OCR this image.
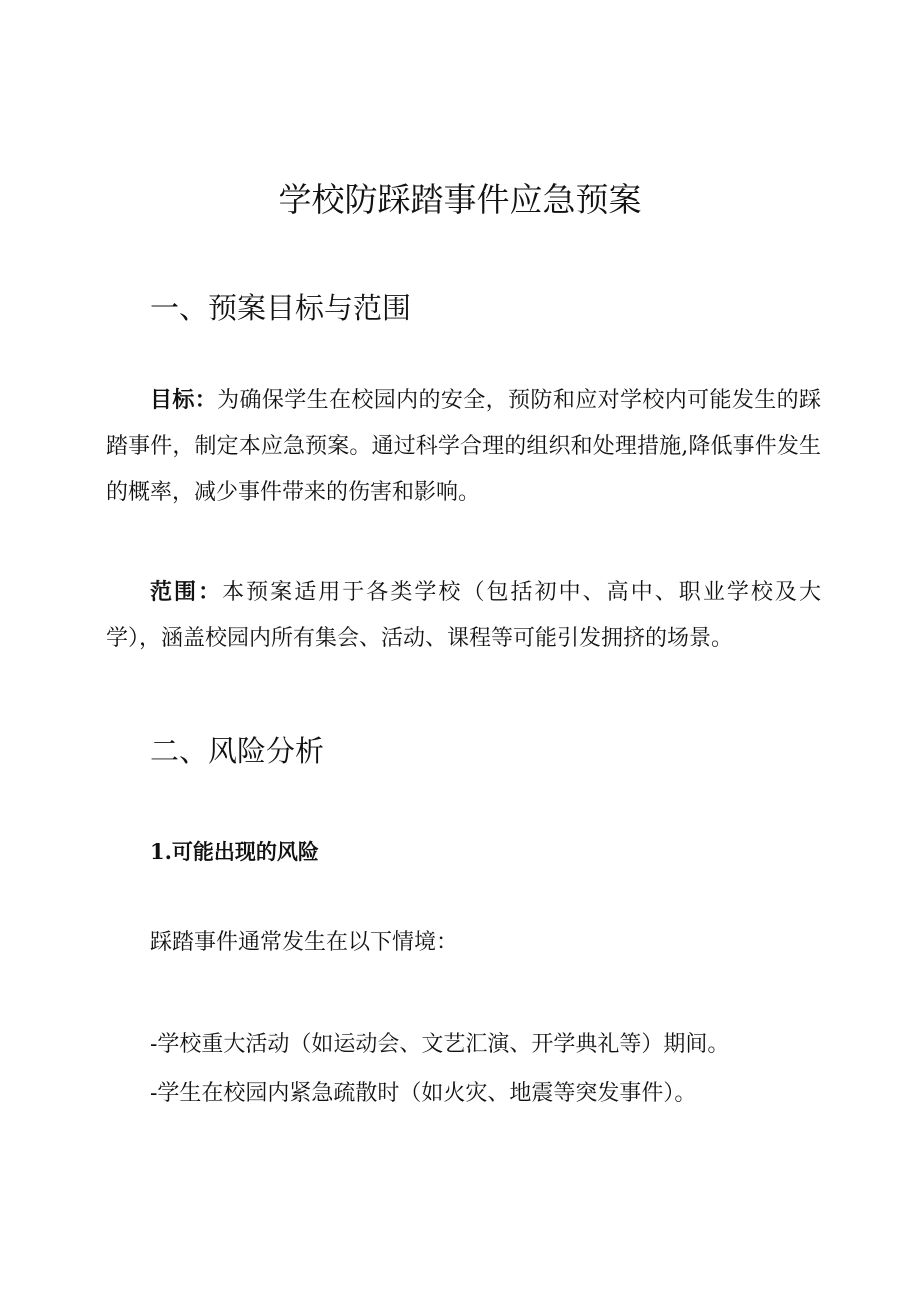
学校防踩踏事件应急预案
一、预案目标与范围

目标：为确保学生在校园内的安全，预防和应对学校内可能发生的踩踏事件，制定本应急预案。通过科学合理的组织和处理措施,降低事件发生的概率，减少事件带来的伤害和影响。

范围：本预案适用于各类学校（包括初中、高中、职业学校及大学），涵盖校园内所有集会、活动、课程等可能引发拥挤的场景。

二、风险分析
1.可能出现的风险
踩踏事件通常发生在以下情境：
-学校重大活动（如运动会、文艺汇演、开学典礼等）期间。
-学生在校园内紧急疏散时（如火灾、地震等突发事件）。
